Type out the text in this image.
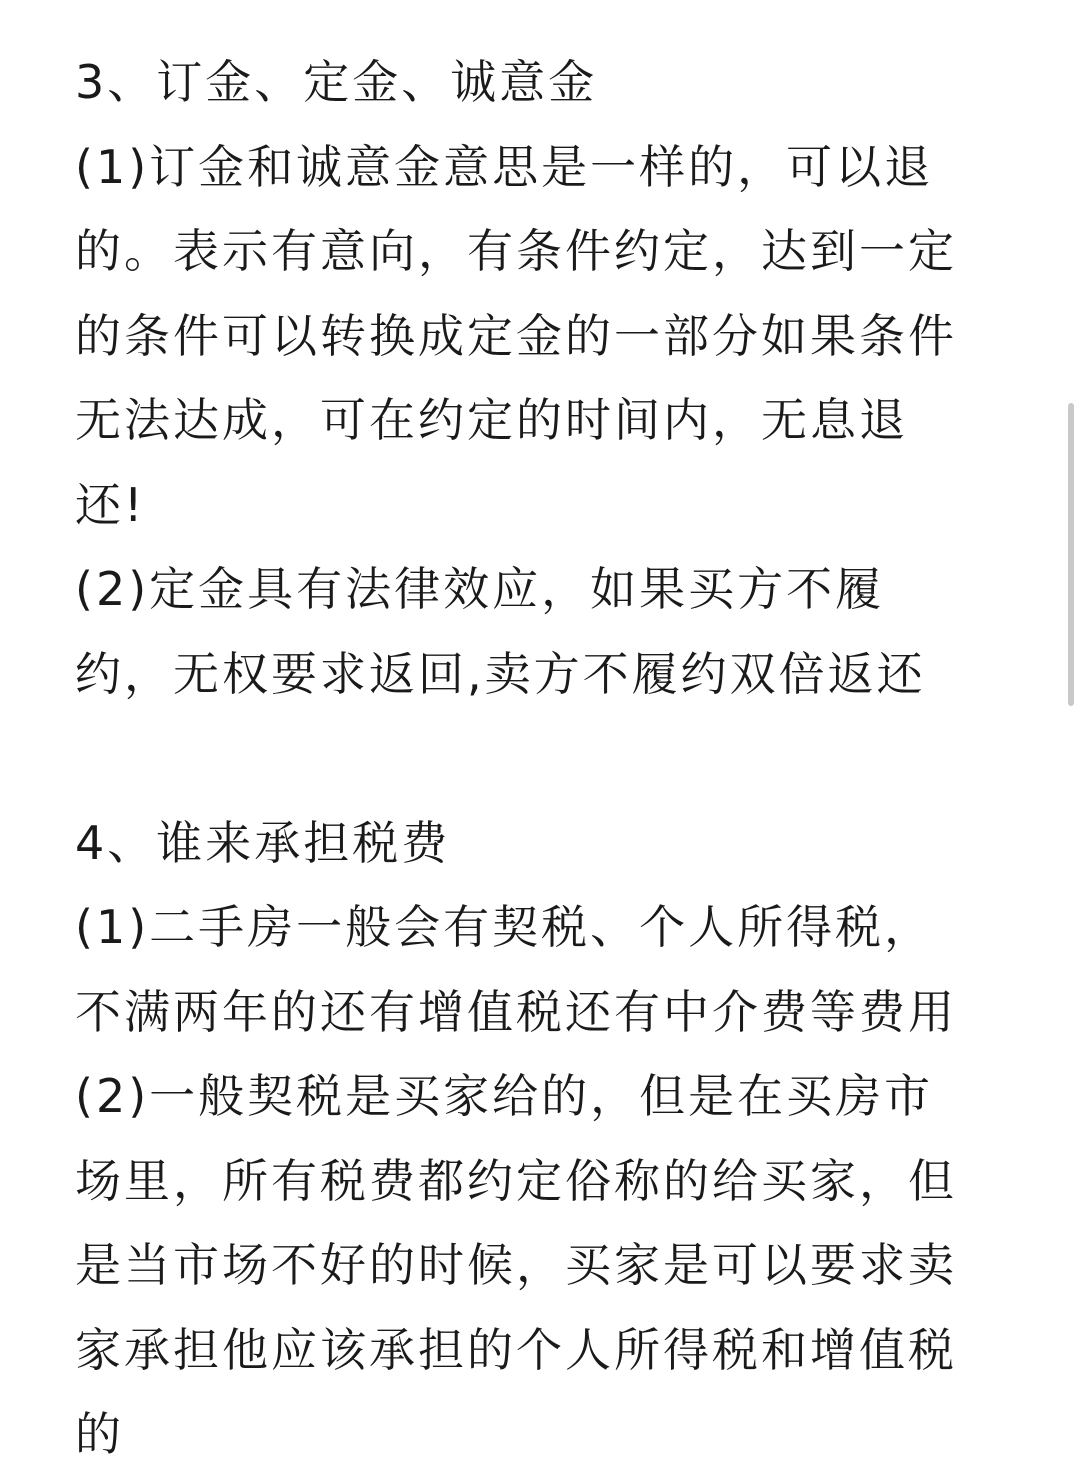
3、订金、定金、诚意金
(1)订金和诚意金意思是一样的，可以退
的。表示有意向，有条件约定，达到一定
的条件可以转换成定金的一部分如果条件
无法达成，可在约定的时间内，无息退
还!
(2)定金具有法律效应，如果买方不履
约，无权要求返回,卖方不履约双倍返还
4、谁来承担税费
(1)二手房一般会有契税、个人所得税，
不满两年的还有增值税还有中介费等费用
(2)一般契税是买家给的，但是在买房市
场里，所有税费都约定俗称的给买家，但
是当市场不好的时候，买家是可以要求卖
家承担他应该承担的个人所得税和增值税
的
